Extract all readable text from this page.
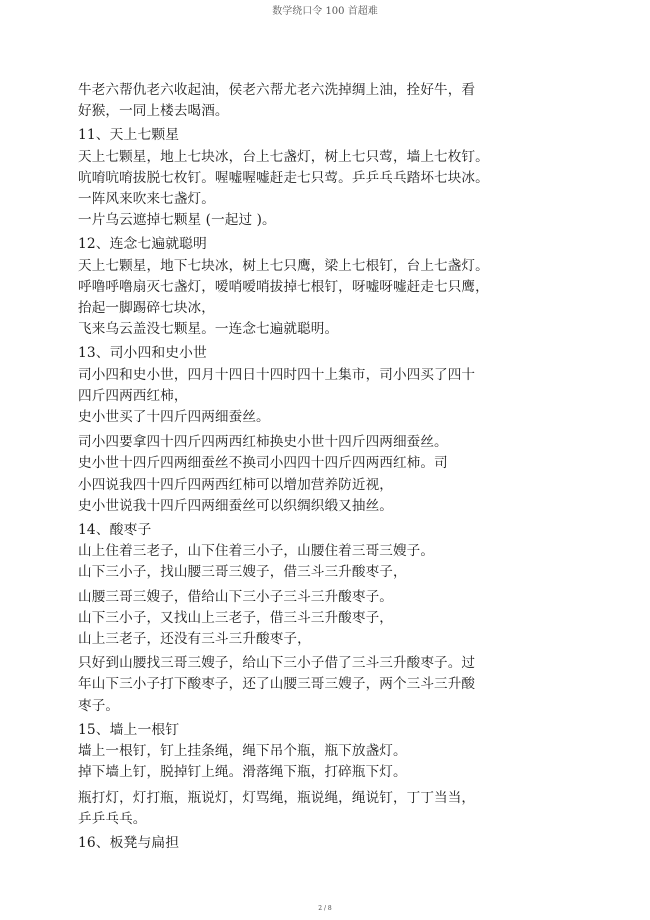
数学绕口令 100 首超难
牛老六帮仇老六收起油，侯老六帮尤老六洗掉绸上油，拴好牛，看
好猴，一同上楼去喝酒。
11、天上七颗星
天上七颗星，地上七块冰，台上七盏灯，树上七只莺，墙上七枚钉。
吭唷吭唷拔脱七枚钉。喔嘘喔嘘赶走七只莺。乒乒乓乓踏坏七块冰。
一阵风来吹来七盏灯。
一片乌云遮掉七颗星 (一起过 )。
12、连念七遍就聪明
天上七颗星，地下七块冰，树上七只鹰，梁上七根钉，台上七盏灯。
呼噜呼噜扇灭七盏灯，嗳哨嗳哨拔掉七根钉，呀嘘呀嘘赶走七只鹰，
抬起一脚踢碎七块冰，
飞来乌云盖没七颗星。一连念七遍就聪明。
13、司小四和史小世
司小四和史小世，四月十四日十四时四十上集市，司小四买了四十
四斤四两西红柿，
史小世买了十四斤四两细蚕丝。
司小四要拿四十四斤四两西红柿换史小世十四斤四两细蚕丝。
史小世十四斤四两细蚕丝不换司小四四十四斤四两西红柿。司
小四说我四十四斤四两西红柿可以增加营养防近视，
史小世说我十四斤四两细蚕丝可以织绸织缎又抽丝。
14、酸枣子
山上住着三老子，山下住着三小子，山腰住着三哥三嫂子。
山下三小子，找山腰三哥三嫂子，借三斗三升酸枣子，
山腰三哥三嫂子，借给山下三小子三斗三升酸枣子。
山下三小子，又找山上三老子，借三斗三升酸枣子，
山上三老子，还没有三斗三升酸枣子，
只好到山腰找三哥三嫂子，给山下三小子借了三斗三升酸枣子。过
年山下三小子打下酸枣子，还了山腰三哥三嫂子，两个三斗三升酸
枣子。
15、墙上一根钉
墙上一根钉，钉上挂条绳，绳下吊个瓶，瓶下放盏灯。
掉下墙上钉，脱掉钉上绳。滑落绳下瓶，打碎瓶下灯。
瓶打灯，灯打瓶，瓶说灯，灯骂绳，瓶说绳，绳说钉，丁丁当当，
乒乒乓乓。
16、板凳与扁担
2 / 8
